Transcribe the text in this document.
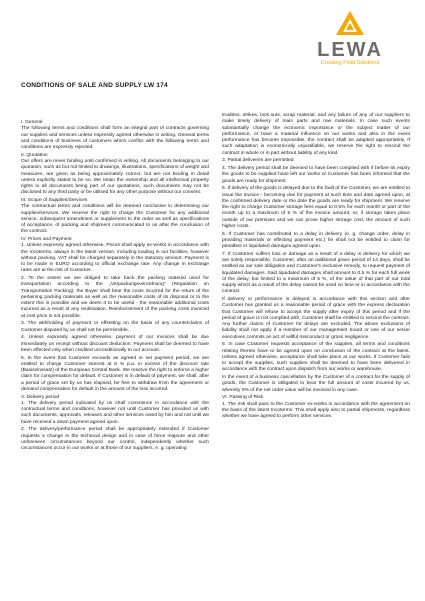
LEWA
Creating Fluid Solutions
CONDITIONS OF SALE AND SUPPLY LW 174

I. General

The following terms and conditions shall form an integral part of contracts governing our supplies and services unless expressly agreed otherwise in writing. General terms and conditions of business of customers which conflict with the following terms and conditions are expressly rejected.

II. Quotation

Our offers are never binding until confirmed in writing. All documents belonging to our quotation, such as but not limited to drawings, illustrations, specifications of weight and measures, are given as being approximately correct, but are not binding in detail unless explicitly stated to be so. We retain the ownership and all intellectual property rights in all documents being part of our quotations, such documents may not be disclosed to any third party or be utilised for any other purpose without our consent.

III. Scope of Supplies/Services

The contractual terms and conditions will be deemed conclusive in determining our supplies/services. We reserve the right to charge the Customer for any additional service, subsequent amendment or supplement to the order as well as specifications of acceptance, of packing and shipment communicated to us after the conclusion of the contract.

IV. Prices and Payment

1. Unless expressly agreed otherwise, Prices shall apply ex-works in accordance with the Incoterms, always in the latest version, including loading in our facilities, however without packing. VAT shall be charged separately in the statutory amount. Payment is to be made in EURO according to official exchange rate. Any change in exchange rates are at the risk of Customer.

2. To the extent we are obliged to take back the packing material used for transportation according to the „Verpackungsverordnung“ (Regulation on Transportation Packing), the Buyer shall bear the costs incurred for the return of the pertaining packing materials as well as the reasonable costs of its disposal or to the extent this is possible and we deem it to be useful - the reasonable additional costs incurred as a result of any reutilisation. Reimbursement of the packing costs invoiced at cost price is not possible.

3. The withholding of payment or offsetting on the basis of any counterclaims of Customer disputed by us shall not be permissible.

4. Unless expressly agreed otherwise, payment of our invoices shall be due immediately on receipt without discount deduction. Payment shall be deemed to have been effected only when credited unconditionally to our account.

5. In the event that Customer exceeds an agreed or set payment period, we are entitled to charge Customer interest at 8 % p.a. in excess of the discount rate (Basiszinssatz) of the European Central Bank. We reserve the right to enforce a higher claim for compensation for default. If Customer is in default of payment, we shall, after a period of grace set by us has elapsed, be free to withdraw from the agreement or demand compensation for default in the amount of the loss incurred.

V. Delivery period

1. The delivery period indicated by us shall commence in accordance with the contractual terms and conditions, however not until Customer has provided us with such documents, approvals, releases and other services owed by him and not until we have received a down payment agreed upon.

2. The delivery/performance period shall be appropriately extended if Customer requests a change in the technical design and in case of force majeure and other unforeseen circumstances beyond our control, independently whether such circumstances occur in our works or at those of our suppliers, e. g. operating

troubles, strikes, lock-outs, scrap material, and any failure of any of our suppliers to make timely delivery of main parts and raw materials. In case such events substantially change the economic importance or the subject matter of our performance, or have a material influence on our works and also in the event performance has become impossible, the contract shall be adapted appropriately. If such adaptation is economically unjustifiable, we reserve the right to rescind the contract in whole or in part without liability of any kind.

3. Partial deliveries are permitted.

4. The delivery period shall be deemed to have been complied with if before its expiry the goods to be supplied have left our works or Customer has been informed that the goods are ready for shipment.

5. If delivery of the goods is delayed due to the fault of the Customer, we are entitled to issue the invoice - becoming due for payment at such time and date agreed upon, at the confirmed delivery date or the date the goods are ready for shipment. We reserve the right to charge Customer storage fees equal to 0,5% for each month or part of the month up to a maximum of 5 % of the invoice amount, or, if storage takes place outside of our premises and we can prove higher storage cost, the amount of such higher costs.

6. If Customer has contributed to a delay in delivery (e. g. change order, delay in providing materials or effecting payment etc.) he shall not be entitled to claim for penalties or liquidated damages agreed upon.

7. If Customer suffers loss or damage as a result of a delay in delivery for which we are solely responsible, Customer, after an additional grace period of 14 days, shall be entitled as our sole obligation and Customer's exclusive remedy, to request payment of liquidated damages. Said liquidated damages shall amount to 0,5 % for each full week of the delay, but limited to a maximum of 5 %, of the value of that part of our total supply which as a result of the delay cannot be used on time or in accordance with the contract.

If delivery or performance is delayed in accordance with this section and after Customer has granted us a reasonable period of grace with the express declaration that Customer will refuse to accept the supply after expiry of this period and if the period of grace is not complied with, Customer shall be entitled to rescind the contract. Any further claims of Customer for delays are excluded. The above exclusions of liability shall not apply if a member of our management board or one of our senior executives commits an act of willful misconduct or gross negligence.

8. In case Customer requests acceptance of the supplies, all terms and conditions relating thereto have to be agreed upon on conclusion of the contract at the latest. Unless agreed otherwise, acceptance shall take place at our works. If Customer fails to accept the supplies, such supplies shall be deemed to have been delivered in accordance with the contract upon dispatch from our works or warehouse.

In the event of a business cancellation by the Customer of a contract for the supply of goods, the Customer is obligated to bear the full amount of costs incurred by us, whereby 5% of the net order value will be invoiced in any case.

VI. Passing of Risk

1. The risk shall pass to the Customer ex-works in accordance with the agreement on the basis of the latest Incoterms. This shall apply also to partial shipments, regardless whether we have agreed to perform other services.
